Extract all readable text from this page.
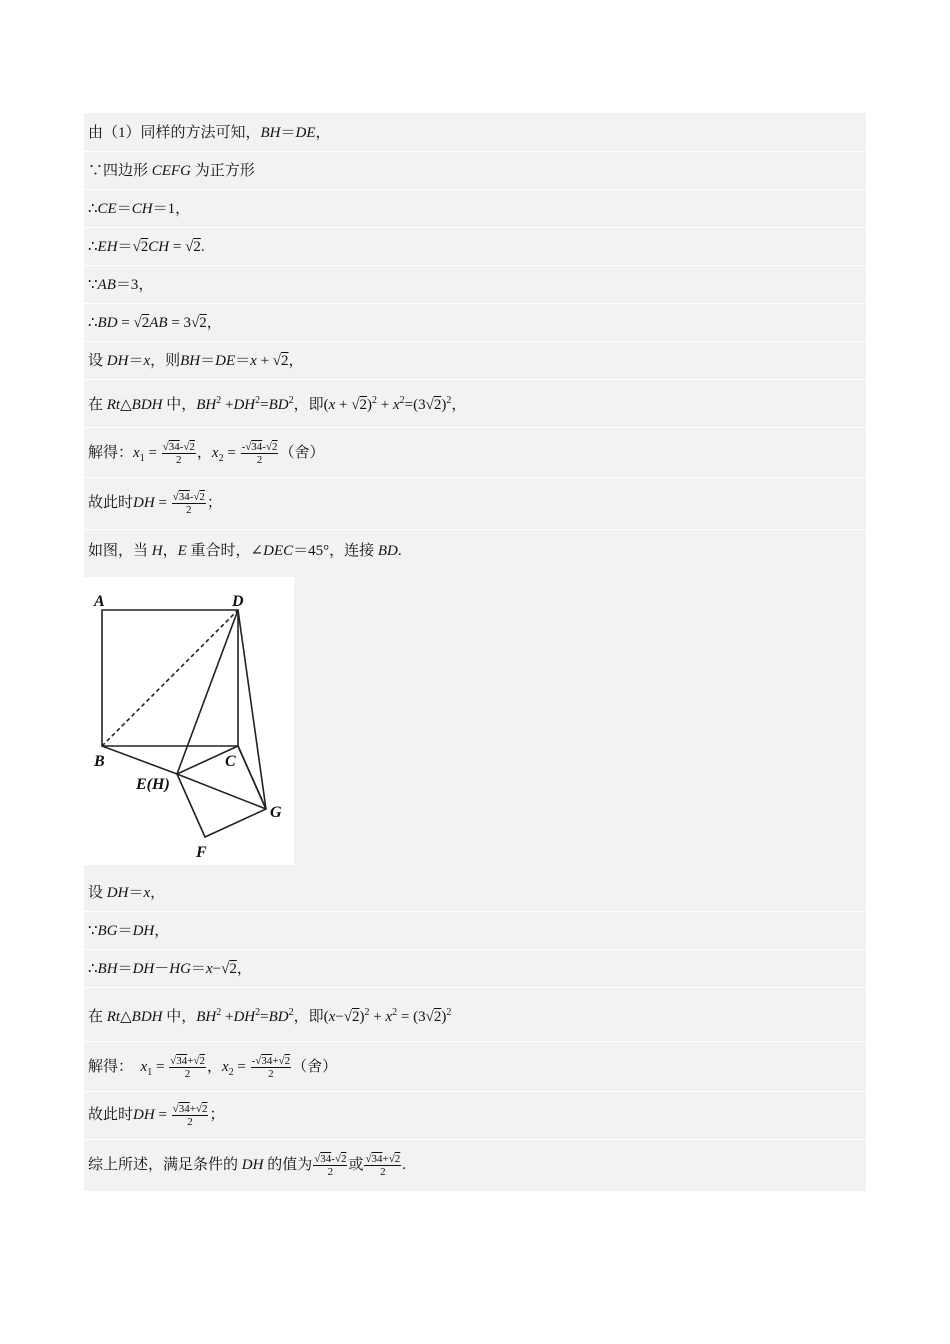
由（1）同样的方法可知，BH＝DE，
∵四边形 CEFG 为正方形
∴CE＝CH＝1，
∴EH＝√2CH = √2.
∵AB＝3，
∴BD = √2AB = 3√2，
设 DH＝x，则BH＝DE＝x + √2，
在 Rt△BDH 中，$BH^2 +DH^2=BD^2$，即$(x + √2)^2 + x^2=(3√2)^2$，
解得：$x_1 = \frac{√34-√2}{2}$ ，$x_2 = \frac{-√34-√2}{2}$ （舍）
故此时DH = $\frac{√34-√2}{2}$ ；
如图，当 H，E 重合时，∠DEC＝45°，连接 BD.
A	D
B	C
E(H)
G
F
设 DH＝x，
∵BG＝DH，
∴BH＝DH－HG＝x−√2，
在 Rt△BDH 中，$BH^2 +DH^2=BD^2$，即$(x-√2)^2 + x^2 = (3√2)^2$
解得：  $x_1 = \frac{√34+√2}{2}$ ，$x_2 = \frac{-√34+√2}{2}$ （舍）
故此时DH = $\frac{√34+√2}{2}$ ；
综上所述，满足条件的 DH 的值为 $\frac{√34-√2}{2}$ 或 $\frac{√34+√2}{2}$ .
